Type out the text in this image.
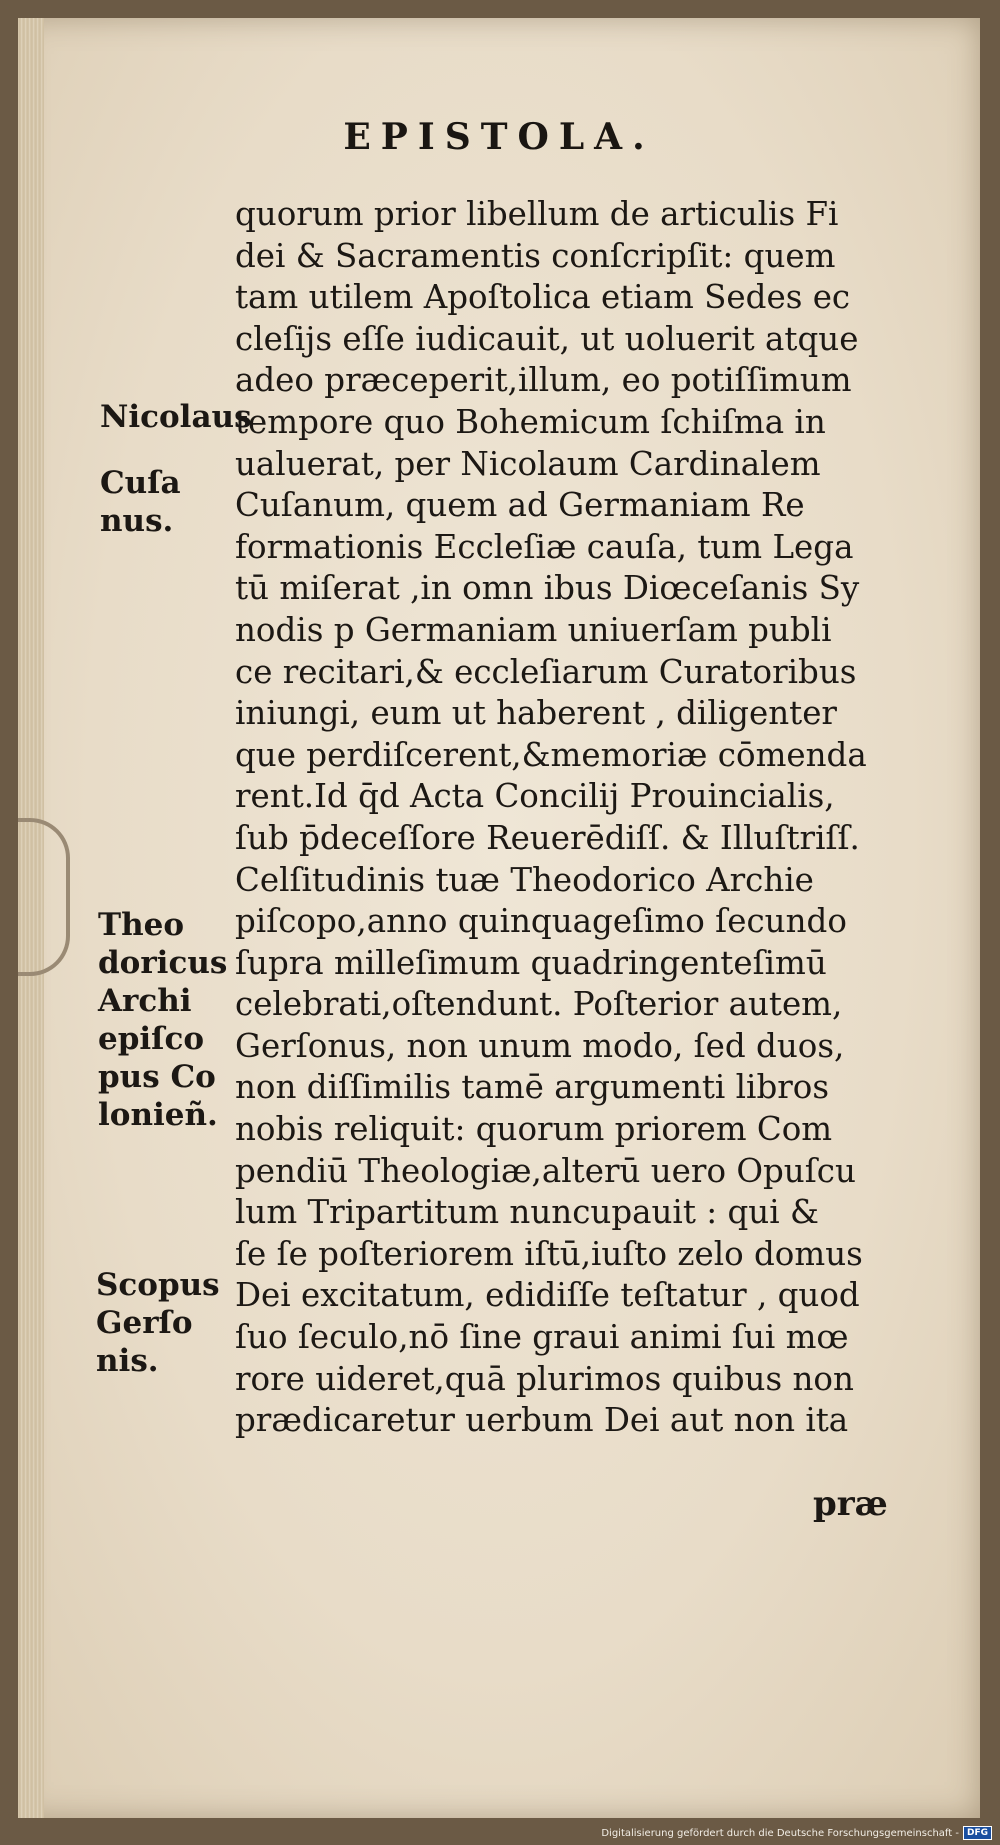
EPISTOLA.
quorum prior libellum de articulis Fi
dei & Sacramentis conſcripſit: quem
tam utilem Apoſtolica etiam Sedes ec
cleſijs eſſe iudicauit, ut uoluerit atque
adeo præceperit,illum, eo potiſſimum
tempore quo Bohemicum ſchiſma in
ualuerat, per Nicolaum Cardinalem
Cuſanum, quem ad Germaniam Re
formationis Eccleſiæ cauſa, tum Lega
tū miſerat ,in omn ibus Diœceſanis Sy
nodis p Germaniam uniuerſam publi
ce recitari,& eccleſiarum Curatoribus
iniungi, eum ut haberent , diligenter
que perdiſcerent,&memoriæ cōmenda
rent.Id q̄d Acta Concilij Prouincialis,
ſub p̄deceſſore Reuerēdiſſ. & Illuſtriſſ.
Celſitudinis tuæ Theodorico Archie
piſcopo,anno quinquageſimo ſecundo
ſupra milleſimum quadringenteſimū
celebrati,oſtendunt. Poſterior autem,
Gerſonus, non unum modo, ſed duos,
non diſſimilis tamē argumenti libros
nobis reliquit: quorum priorem Com
pendiū Theologiæ,alterū uero Opuſcu
lum Tripartitum nuncupauit : qui &
ſe ſe poſteriorem iſtū,iuſto zelo domus
Dei excitatum, edidiſſe teſtatur , quod
ſuo ſeculo,nō ſine graui animi ſui mœ
rore uideret,quā plurimos quibus non
prædicaretur uerbum Dei aut non ita
præ
Nicolaus
Cuſa
nus.
Theo
doricus
Archi
epiſco
pus Co
lonieñ.
Scopus
Gerſo
nis.
Digitalisierung gefördert durch die Deutsche Forschungsgemeinschaft - DFG
